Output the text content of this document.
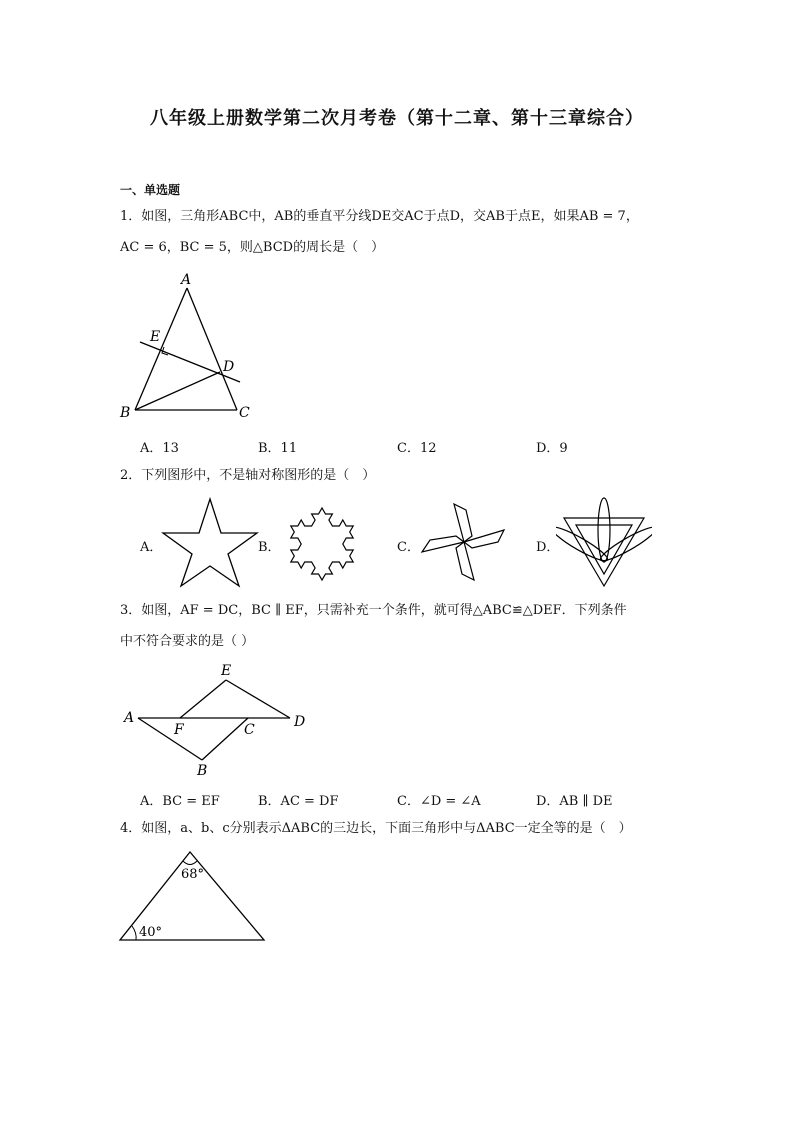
八年级上册数学第二次月考卷（第十二章、第十三章综合）
一、单选题
1．如图，三角形ABC中，AB的垂直平分线DE交AC于点D，交AB于点E，如果AB = 7，
AC = 6，BC = 5，则△BCD的周长是（　）
A
E
D
B	C
A．13	B．11	C．12	D．9
2．下列图形中，不是轴对称图形的是（　）
A．	B．	C．	D．
3．如图，AF = DC，BC ∥ EF，只需补充一个条件，就可得△ABC≌△DEF．下列条件
中不符合要求的是（ ）
E
A
F	C	D
B
A．BC = EF	B．AC = DF	C．∠D = ∠A	D．AB ∥ DE
4．如图，a、b、c分别表示ΔABC的三边长，下面三角形中与ΔABC一定全等的是（　）
68°
40°
